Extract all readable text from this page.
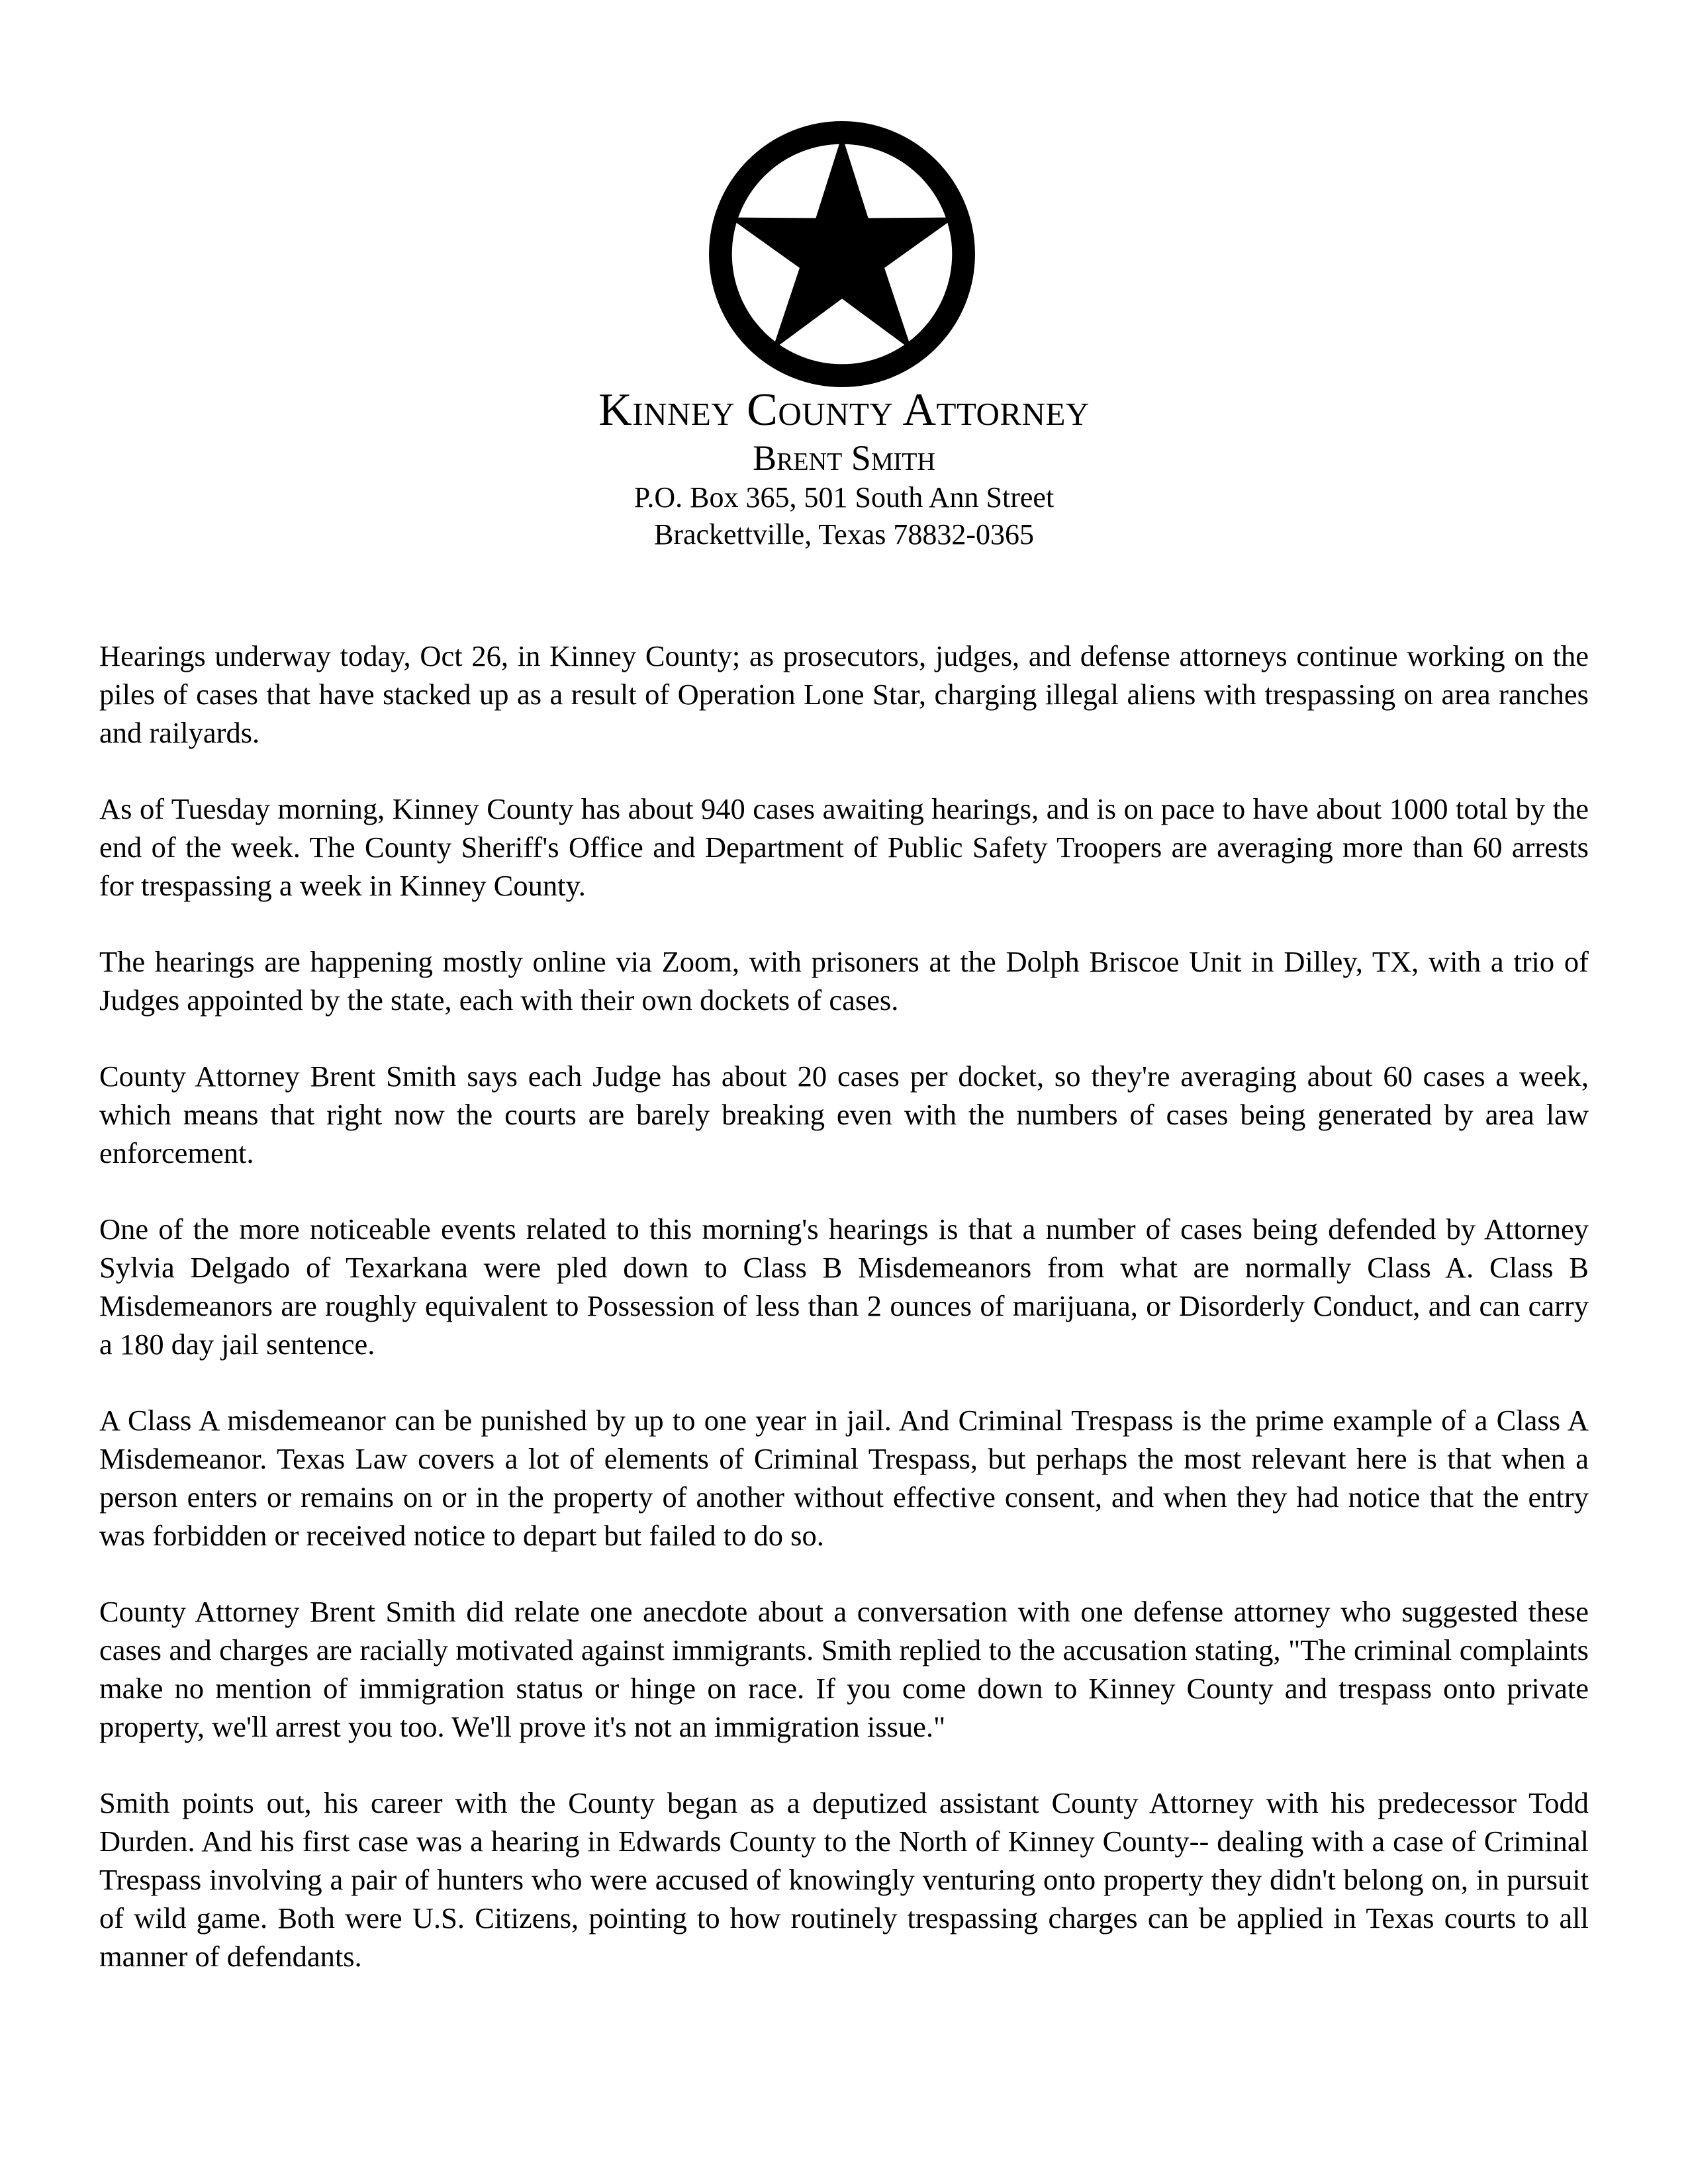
Kinney County Attorney
Brent Smith

P.O. Box 365, 501 South Ann Street

Brackettville, Texas 78832-0365

Hearings underway today, Oct 26, in Kinney County; as prosecutors, judges, and defense attorneys continue working on the piles of cases that have stacked up as a result of Operation Lone Star, charging illegal aliens with trespassing on area ranches and railyards.

As of Tuesday morning, Kinney County has about 940 cases awaiting hearings, and is on pace to have about 1000 total by the end of the week. The County Sheriff's Office and Department of Public Safety Troopers are averaging more than 60 arrests for trespassing a week in Kinney County.

The hearings are happening mostly online via Zoom, with prisoners at the Dolph Briscoe Unit in Dilley, TX, with a trio of Judges appointed by the state, each with their own dockets of cases.

County Attorney Brent Smith says each Judge has about 20 cases per docket, so they're averaging about 60 cases a week, which means that right now the courts are barely breaking even with the numbers of cases being generated by area law enforcement.

One of the more noticeable events related to this morning's hearings is that a number of cases being defended by Attorney Sylvia Delgado of Texarkana were pled down to Class B Misdemeanors from what are normally Class A. Class B Misdemeanors are roughly equivalent to Possession of less than 2 ounces of marijuana, or Disorderly Conduct, and can carry a 180 day jail sentence.

A Class A misdemeanor can be punished by up to one year in jail. And Criminal Trespass is the prime example of a Class A Misdemeanor. Texas Law covers a lot of elements of Criminal Trespass, but perhaps the most relevant here is that when a person enters or remains on or in the property of another without effective consent, and when they had notice that the entry was forbidden or received notice to depart but failed to do so.

County Attorney Brent Smith did relate one anecdote about a conversation with one defense attorney who suggested these cases and charges are racially motivated against immigrants. Smith replied to the accusation stating, "The criminal complaints make no mention of immigration status or hinge on race. If you come down to Kinney County and trespass onto private property, we'll arrest you too. We'll prove it's not an immigration issue."

Smith points out, his career with the County began as a deputized assistant County Attorney with his predecessor Todd Durden. And his first case was a hearing in Edwards County to the North of Kinney County-- dealing with a case of Criminal Trespass involving a pair of hunters who were accused of knowingly venturing onto property they didn't belong on, in pursuit of wild game. Both were U.S. Citizens, pointing to how routinely trespassing charges can be applied in Texas courts to all manner of defendants.
